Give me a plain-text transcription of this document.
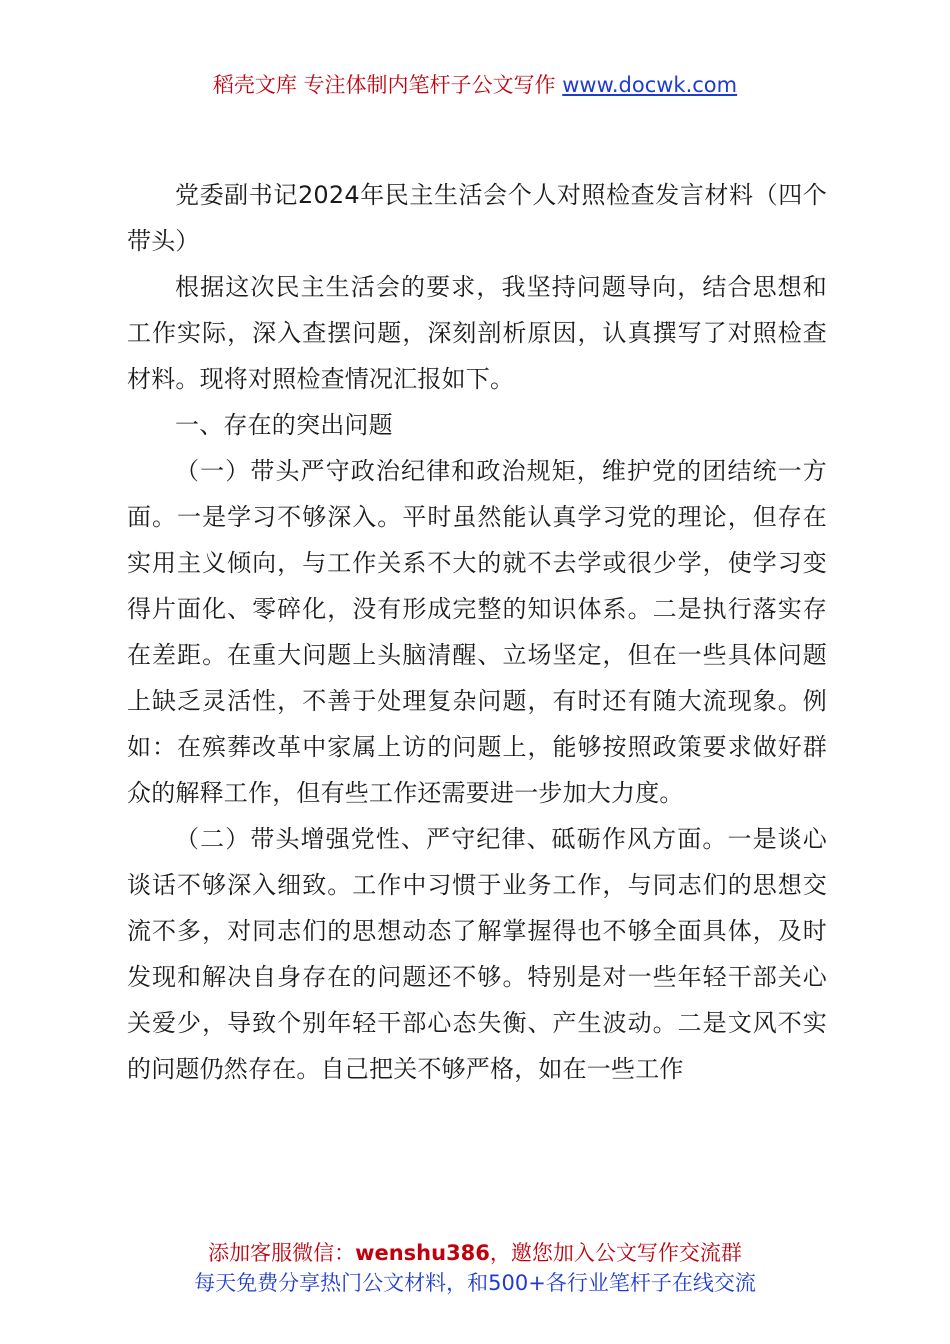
稻壳文库 专注体制内笔杆子公文写作 www.docwk.com

党委副书记2024年民主生活会个人对照检查发言材料（四个带头）

根据这次民主生活会的要求，我坚持问题导向，结合思想和工作实际，深入查摆问题，深刻剖析原因，认真撰写了对照检查材料。现将对照检查情况汇报如下。

一、存在的突出问题

（一）带头严守政治纪律和政治规矩，维护党的团结统一方面。一是学习不够深入。平时虽然能认真学习党的理论，但存在实用主义倾向，与工作关系不大的就不去学或很少学，使学习变得片面化、零碎化，没有形成完整的知识体系。二是执行落实存在差距。在重大问题上头脑清醒、立场坚定，但在一些具体问题上缺乏灵活性，不善于处理复杂问题，有时还有随大流现象。例如：在殡葬改革中家属上访的问题上，能够按照政策要求做好群众的解释工作，但有些工作还需要进一步加大力度。

（二）带头增强党性、严守纪律、砥砺作风方面。一是谈心谈话不够深入细致。工作中习惯于业务工作，与同志们的思想交流不多，对同志们的思想动态了解掌握得也不够全面具体，及时发现和解决自身存在的问题还不够。特别是对一些年轻干部关心关爱少，导致个别年轻干部心态失衡、产生波动。二是文风不实的问题仍然存在。自己把关不够严格，如在一些工作

添加客服微信：wenshu386，邀您加入公文写作交流群
每天免费分享热门公文材料，和500+各行业笔杆子在线交流
